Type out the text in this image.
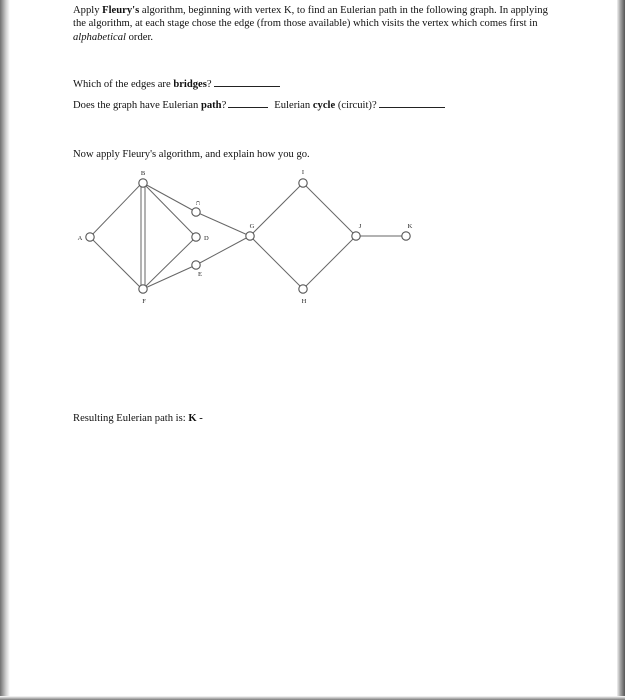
Apply Fleury's algorithm, beginning with vertex K, to find an Eulerian path in the following graph. In applying the algorithm, at each stage chose the edge (from those available) which visits the vertex which comes first in alphabetical order.
Which of the edges are bridges?
Does the graph have Eulerian path?	Eulerian cycle (circuit)?
Now apply Fleury's algorithm, and explain how you go.
A
B
C
D
E
F
G
I
H
J	K
Resulting Eulerian path is: K -
